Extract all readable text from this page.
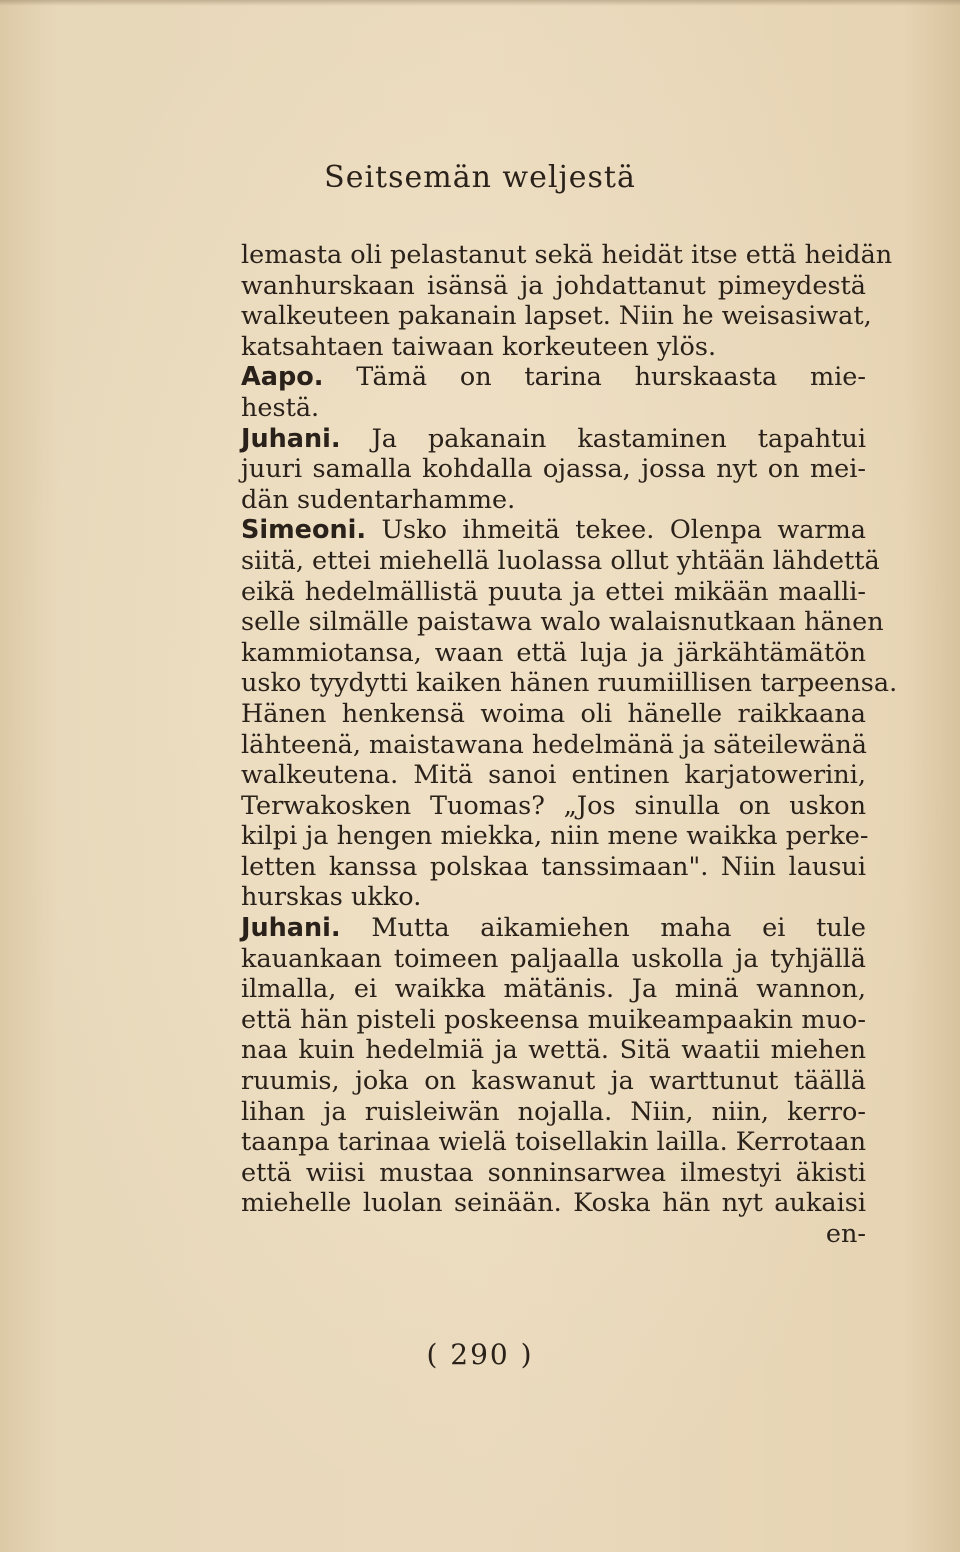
Seitsemän weljestä
lemasta oli pelastanut sekä heidät itse että heidän
wanhurskaan isänsä ja johdattanut pimeydestä
walkeuteen pakanain lapset. Niin he weisasiwat,
katsahtaen taiwaan korkeuteen ylös.
Aapo. Tämä on tarina hurskaasta mie-
hestä.
Juhani. Ja pakanain kastaminen tapahtui
juuri samalla kohdalla ojassa, jossa nyt on mei-
dän sudentarhamme.
Simeoni. Usko ihmeitä tekee. Olenpa warma
siitä, ettei miehellä luolassa ollut yhtään lähdettä
eikä hedelmällistä puuta ja ettei mikään maalli-
selle silmälle paistawa walo walaisnutkaan hänen
kammiotansa, waan että luja ja järkähtämätön
usko tyydytti kaiken hänen ruumiillisen tarpeensa.
Hänen henkensä woima oli hänelle raikkaana
lähteenä, maistawana hedelmänä ja säteilewänä
walkeutena. Mitä sanoi entinen karjatowerini,
Terwakosken Tuomas? „Jos sinulla on uskon
kilpi ja hengen miekka, niin mene waikka perke-
letten kanssa polskaa tanssimaan". Niin lausui
hurskas ukko.
Juhani. Mutta aikamiehen maha ei tule
kauankaan toimeen paljaalla uskolla ja tyhjällä
ilmalla, ei waikka mätänis. Ja minä wannon,
että hän pisteli poskeensa muikeampaakin muo-
naa kuin hedelmiä ja wettä. Sitä waatii miehen
ruumis, joka on kaswanut ja warttunut täällä
lihan ja ruisleiwän nojalla. Niin, niin, kerro-
taanpa tarinaa wielä toisellakin lailla. Kerrotaan
että wiisi mustaa sonninsarwea ilmestyi äkisti
miehelle luolan seinään. Koska hän nyt aukaisi
en-
( 290 )
